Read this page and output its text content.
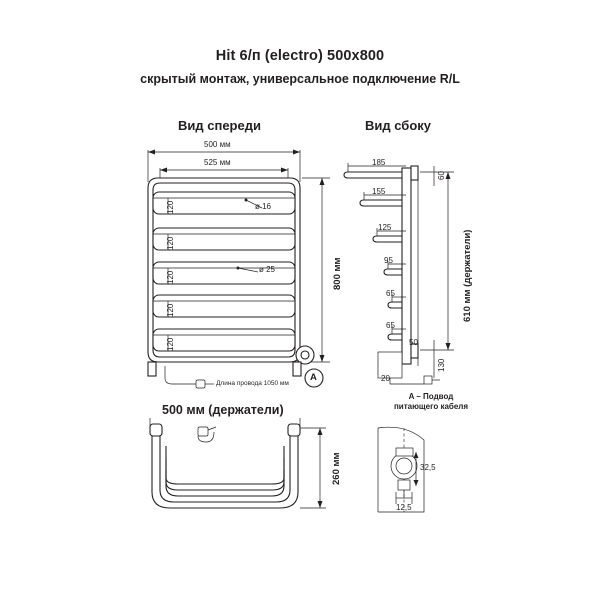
Hit 6/п (electro) 500x800
скрытый монтаж, универсальное подключение R/L
Вид спереди	Вид сбоку
500 мм (держатели)
500 мм
525 мм
120
120
120
120
120
ø 16
ø 25	800 мм
Длина провода 1050 мм
A
185
155
125
95
65
65
60
50
130
20
610 мм (держатели)
A – Подвод
питающего кабеля
260 мм	32,5
12,5
